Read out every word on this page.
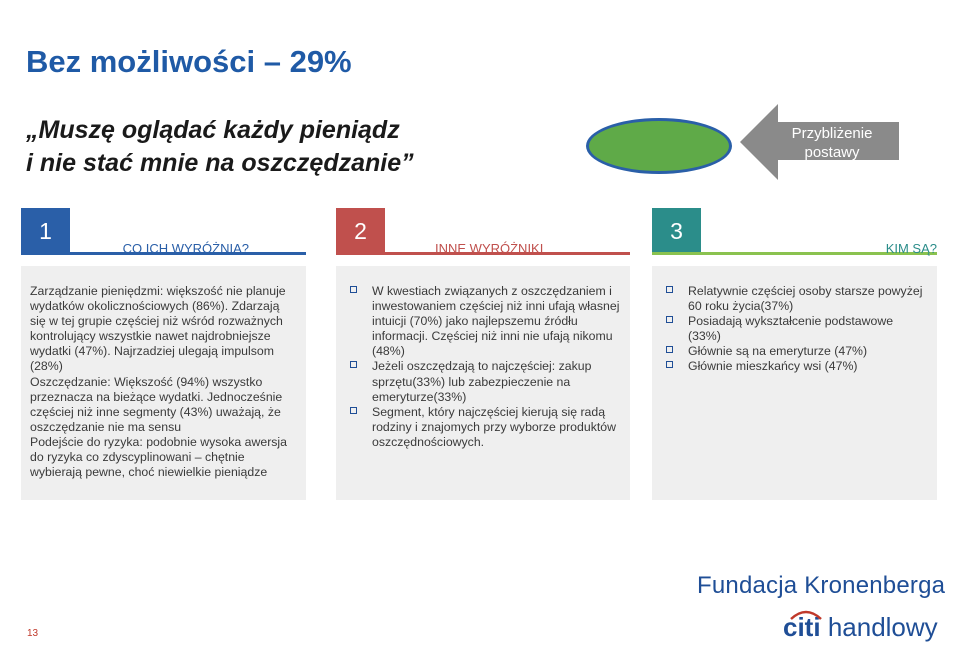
Bez możliwości – 29%
„Muszę oglądać każdy pieniądz
i nie stać mnie na oszczędzanie”
Przybliżenie postawy
1
CO ICH WYRÓŻNIA?

Zarządzanie pieniędzmi: większość nie planuje wydatków okolicznościowych (86%). Zdarzają się w tej grupie częściej niż wśród rozważnych kontrolujący wszystkie nawet najdrobniejsze wydatki (47%). Najrzadziej ulegają impulsom (28%)

Oszczędzanie: Większość (94%) wszystko przeznacza na bieżące wydatki. Jednocześnie częściej niż inne segmenty (43%) uważają, że oszczędzanie nie ma sensu

Podejście do ryzyka: podobnie wysoka awersja do ryzyka co zdyscyplinowani – chętnie wybierają pewne, choć niewielkie pieniądze

2
INNE WYRÓŻNIKI
W kwestiach związanych z oszczędzaniem i inwestowaniem częściej niż inni ufają własnej intuicji (70%) jako najlepszemu źródłu informacji. Częściej niż inni nie ufają nikomu (48%)
Jeżeli oszczędzają to najczęściej: zakup sprzętu(33%) lub zabezpieczenie na emeryturze(33%)
Segment, który najczęściej kierują się radą rodziny i znajomych przy wyborze produktów oszczędnościowych.
3
KIM SĄ?
Relatywnie częściej osoby starsze powyżej 60 roku życia(37%)
Posiadają wykształcenie podstawowe (33%)
Głównie są na emeryturze (47%)
Głównie mieszkańcy wsi (47%)
13
Fundacja Kronenberga
citi handlowy
